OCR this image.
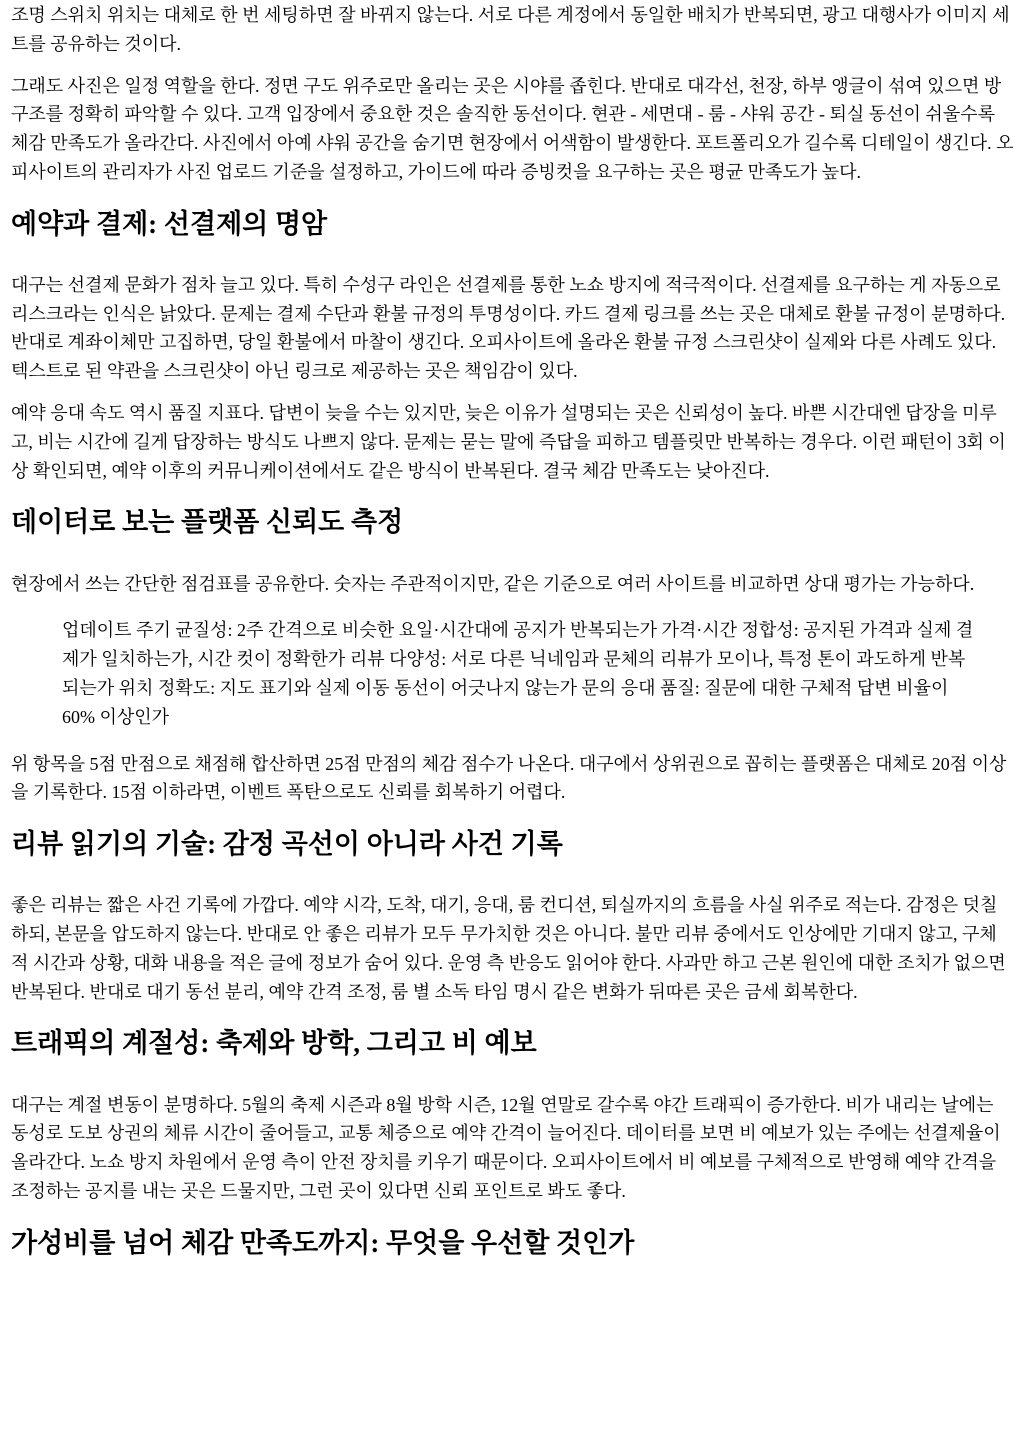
조명 스위치 위치는 대체로 한 번 세팅하면 잘 바뀌지 않는다. 서로 다른 계정에서 동일한 배치가 반복되면, 광고 대행사가 이미지 세트를 공유하는 것이다.

그래도 사진은 일정 역할을 한다. 정면 구도 위주로만 올리는 곳은 시야를 좁힌다. 반대로 대각선, 천장, 하부 앵글이 섞여 있으면 방 구조를 정확히 파악할 수 있다. 고객 입장에서 중요한 것은 솔직한 동선이다. 현관 - 세면대 - 룸 - 샤워 공간 - 퇴실 동선이 쉬울수록 체감 만족도가 올라간다. 사진에서 아예 샤워 공간을 숨기면 현장에서 어색함이 발생한다. 포트폴리오가 길수록 디테일이 생긴다. 오피사이트의 관리자가 사진 업로드 기준을 설정하고, 가이드에 따라 증빙컷을 요구하는 곳은 평균 만족도가 높다.

예약과 결제: 선결제의 명암

대구는 선결제 문화가 점차 늘고 있다. 특히 수성구 라인은 선결제를 통한 노쇼 방지에 적극적이다. 선결제를 요구하는 게 자동으로 리스크라는 인식은 낡았다. 문제는 결제 수단과 환불 규정의 투명성이다. 카드 결제 링크를 쓰는 곳은 대체로 환불 규정이 분명하다. 반대로 계좌이체만 고집하면, 당일 환불에서 마찰이 생긴다. 오피사이트에 올라온 환불 규정 스크린샷이 실제와 다른 사례도 있다. 텍스트로 된 약관을 스크린샷이 아닌 링크로 제공하는 곳은 책임감이 있다.

예약 응대 속도 역시 품질 지표다. 답변이 늦을 수는 있지만, 늦은 이유가 설명되는 곳은 신뢰성이 높다. 바쁜 시간대엔 답장을 미루고, 비는 시간에 길게 답장하는 방식도 나쁘지 않다. 문제는 묻는 말에 즉답을 피하고 템플릿만 반복하는 경우다. 이런 패턴이 3회 이상 확인되면, 예약 이후의 커뮤니케이션에서도 같은 방식이 반복된다. 결국 체감 만족도는 낮아진다.

데이터로 보는 플랫폼 신뢰도 측정

현장에서 쓰는 간단한 점검표를 공유한다. 숫자는 주관적이지만, 같은 기준으로 여러 사이트를 비교하면 상대 평가는 가능하다.

업데이트 주기 균질성: 2주 간격으로 비슷한 요일·시간대에 공지가 반복되는가 가격·시간 정합성: 공지된 가격과 실제 결제가 일치하는가, 시간 컷이 정확한가 리뷰 다양성: 서로 다른 닉네임과 문체의 리뷰가 모이나, 특정 톤이 과도하게 반복되는가 위치 정확도: 지도 표기와 실제 이동 동선이 어긋나지 않는가 문의 응대 품질: 질문에 대한 구체적 답변 비율이 60% 이상인가

위 항목을 5점 만점으로 채점해 합산하면 25점 만점의 체감 점수가 나온다. 대구에서 상위권으로 꼽히는 플랫폼은 대체로 20점 이상을 기록한다. 15점 이하라면, 이벤트 폭탄으로도 신뢰를 회복하기 어렵다.

리뷰 읽기의 기술: 감정 곡선이 아니라 사건 기록

좋은 리뷰는 짧은 사건 기록에 가깝다. 예약 시각, 도착, 대기, 응대, 룸 컨디션, 퇴실까지의 흐름을 사실 위주로 적는다. 감정은 덧칠하되, 본문을 압도하지 않는다. 반대로 안 좋은 리뷰가 모두 무가치한 것은 아니다. 불만 리뷰 중에서도 인상에만 기대지 않고, 구체적 시간과 상황, 대화 내용을 적은 글에 정보가 숨어 있다. 운영 측 반응도 읽어야 한다. 사과만 하고 근본 원인에 대한 조치가 없으면 반복된다. 반대로 대기 동선 분리, 예약 간격 조정, 룸 별 소독 타임 명시 같은 변화가 뒤따른 곳은 금세 회복한다.

트래픽의 계절성: 축제와 방학, 그리고 비 예보

대구는 계절 변동이 분명하다. 5월의 축제 시즌과 8월 방학 시즌, 12월 연말로 갈수록 야간 트래픽이 증가한다. 비가 내리는 날에는 동성로 도보 상권의 체류 시간이 줄어들고, 교통 체증으로 예약 간격이 늘어진다. 데이터를 보면 비 예보가 있는 주에는 선결제율이 올라간다. 노쇼 방지 차원에서 운영 측이 안전 장치를 키우기 때문이다. 오피사이트에서 비 예보를 구체적으로 반영해 예약 간격을 조정하는 공지를 내는 곳은 드물지만, 그런 곳이 있다면 신뢰 포인트로 봐도 좋다.

가성비를 넘어 체감 만족도까지: 무엇을 우선할 것인가
